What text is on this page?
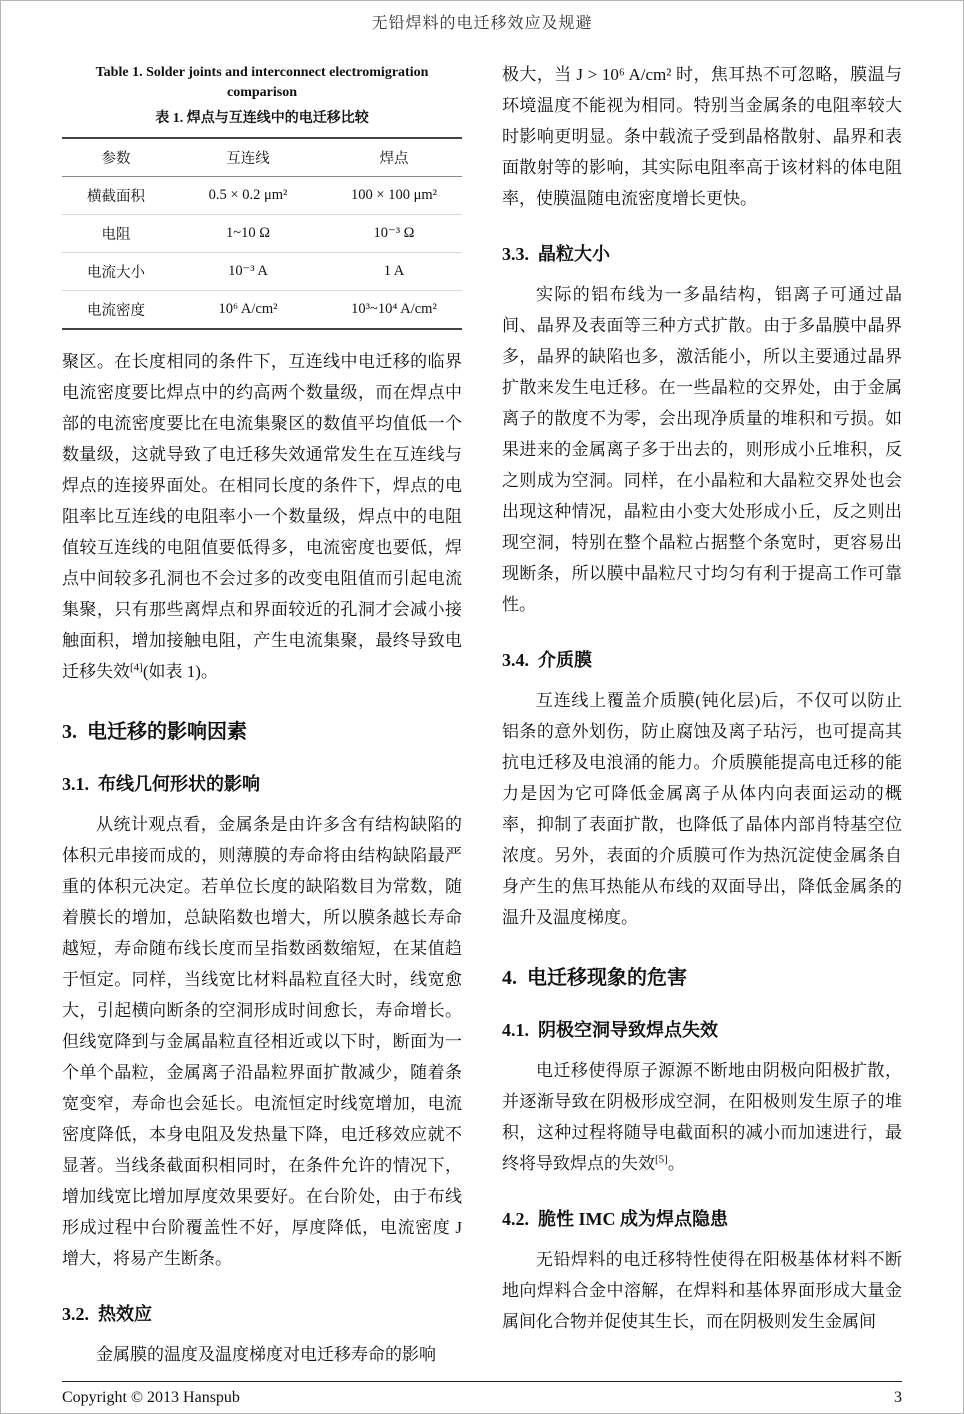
无铅焊料的电迁移效应及规避
Table 1. Solder joints and interconnect electromigration comparison
表 1. 焊点与互连线中的电迁移比较
参数	互连线	焊点
横截面积	0.5 × 0.2 μm²	100 × 100 μm²
电阻	1~10 Ω	10⁻³ Ω
电流大小	10⁻³ A	1 A
电流密度	10⁶ A/cm²	10³~10⁴ A/cm²

聚区。在长度相同的条件下，互连线中电迁移的临界电流密度要比焊点中的约高两个数量级，而在焊点中部的电流密度要比在电流集聚区的数值平均值低一个数量级，这就导致了电迁移失效通常发生在互连线与焊点的连接界面处。在相同长度的条件下，焊点的电阻率比互连线的电阻率小一个数量级，焊点中的电阻值较互连线的电阻值要低得多，电流密度也要低，焊点中间较多孔洞也不会过多的改变电阻值而引起电流集聚，只有那些离焊点和界面较近的孔洞才会减小接触面积，增加接触电阻，产生电流集聚，最终导致电迁移失效[4](如表 1)。

3. 电迁移的影响因素
3.1. 布线几何形状的影响

从统计观点看，金属条是由许多含有结构缺陷的体积元串接而成的，则薄膜的寿命将由结构缺陷最严重的体积元决定。若单位长度的缺陷数目为常数，随着膜长的增加，总缺陷数也增大，所以膜条越长寿命越短，寿命随布线长度而呈指数函数缩短，在某值趋于恒定。同样，当线宽比材料晶粒直径大时，线宽愈大，引起横向断条的空洞形成时间愈长，寿命增长。但线宽降到与金属晶粒直径相近或以下时，断面为一个单个晶粒，金属离子沿晶粒界面扩散减少，随着条宽变窄，寿命也会延长。电流恒定时线宽增加，电流密度降低，本身电阻及发热量下降，电迁移效应就不显著。当线条截面积相同时，在条件允许的情况下，增加线宽比增加厚度效果要好。在台阶处，由于布线形成过程中台阶覆盖性不好，厚度降低，电流密度 J 增大，将易产生断条。

3.2. 热效应

金属膜的温度及温度梯度对电迁移寿命的影响

极大，当 J > 10⁶ A/cm² 时，焦耳热不可忽略，膜温与环境温度不能视为相同。特别当金属条的电阻率较大时影响更明显。条中载流子受到晶格散射、晶界和表面散射等的影响，其实际电阻率高于该材料的体电阻率，使膜温随电流密度增长更快。

3.3. 晶粒大小

实际的铝布线为一多晶结构，铝离子可通过晶间、晶界及表面等三种方式扩散。由于多晶膜中晶界多，晶界的缺陷也多，激活能小，所以主要通过晶界扩散来发生电迁移。在一些晶粒的交界处，由于金属离子的散度不为零，会出现净质量的堆积和亏损。如果进来的金属离子多于出去的，则形成小丘堆积，反之则成为空洞。同样，在小晶粒和大晶粒交界处也会出现这种情况，晶粒由小变大处形成小丘，反之则出现空洞，特别在整个晶粒占据整个条宽时，更容易出现断条，所以膜中晶粒尺寸均匀有利于提高工作可靠性。

3.4. 介质膜

互连线上覆盖介质膜(钝化层)后，不仅可以防止铝条的意外划伤，防止腐蚀及离子玷污，也可提高其抗电迁移及电浪涌的能力。介质膜能提高电迁移的能力是因为它可降低金属离子从体内向表面运动的概率，抑制了表面扩散，也降低了晶体内部肖特基空位浓度。另外，表面的介质膜可作为热沉淀使金属条自身产生的焦耳热能从布线的双面导出，降低金属条的温升及温度梯度。

4. 电迁移现象的危害
4.1. 阴极空洞导致焊点失效

电迁移使得原子源源不断地由阴极向阳极扩散，并逐渐导致在阴极形成空洞，在阳极则发生原子的堆积，这种过程将随导电截面积的减小而加速进行，最终将导致焊点的失效[5]。

4.2. 脆性 IMC 成为焊点隐患

无铅焊料的电迁移特性使得在阳极基体材料不断地向焊料合金中溶解，在焊料和基体界面形成大量金属间化合物并促使其生长，而在阴极则发生金属间

Copyright © 2013 Hanspub	3
